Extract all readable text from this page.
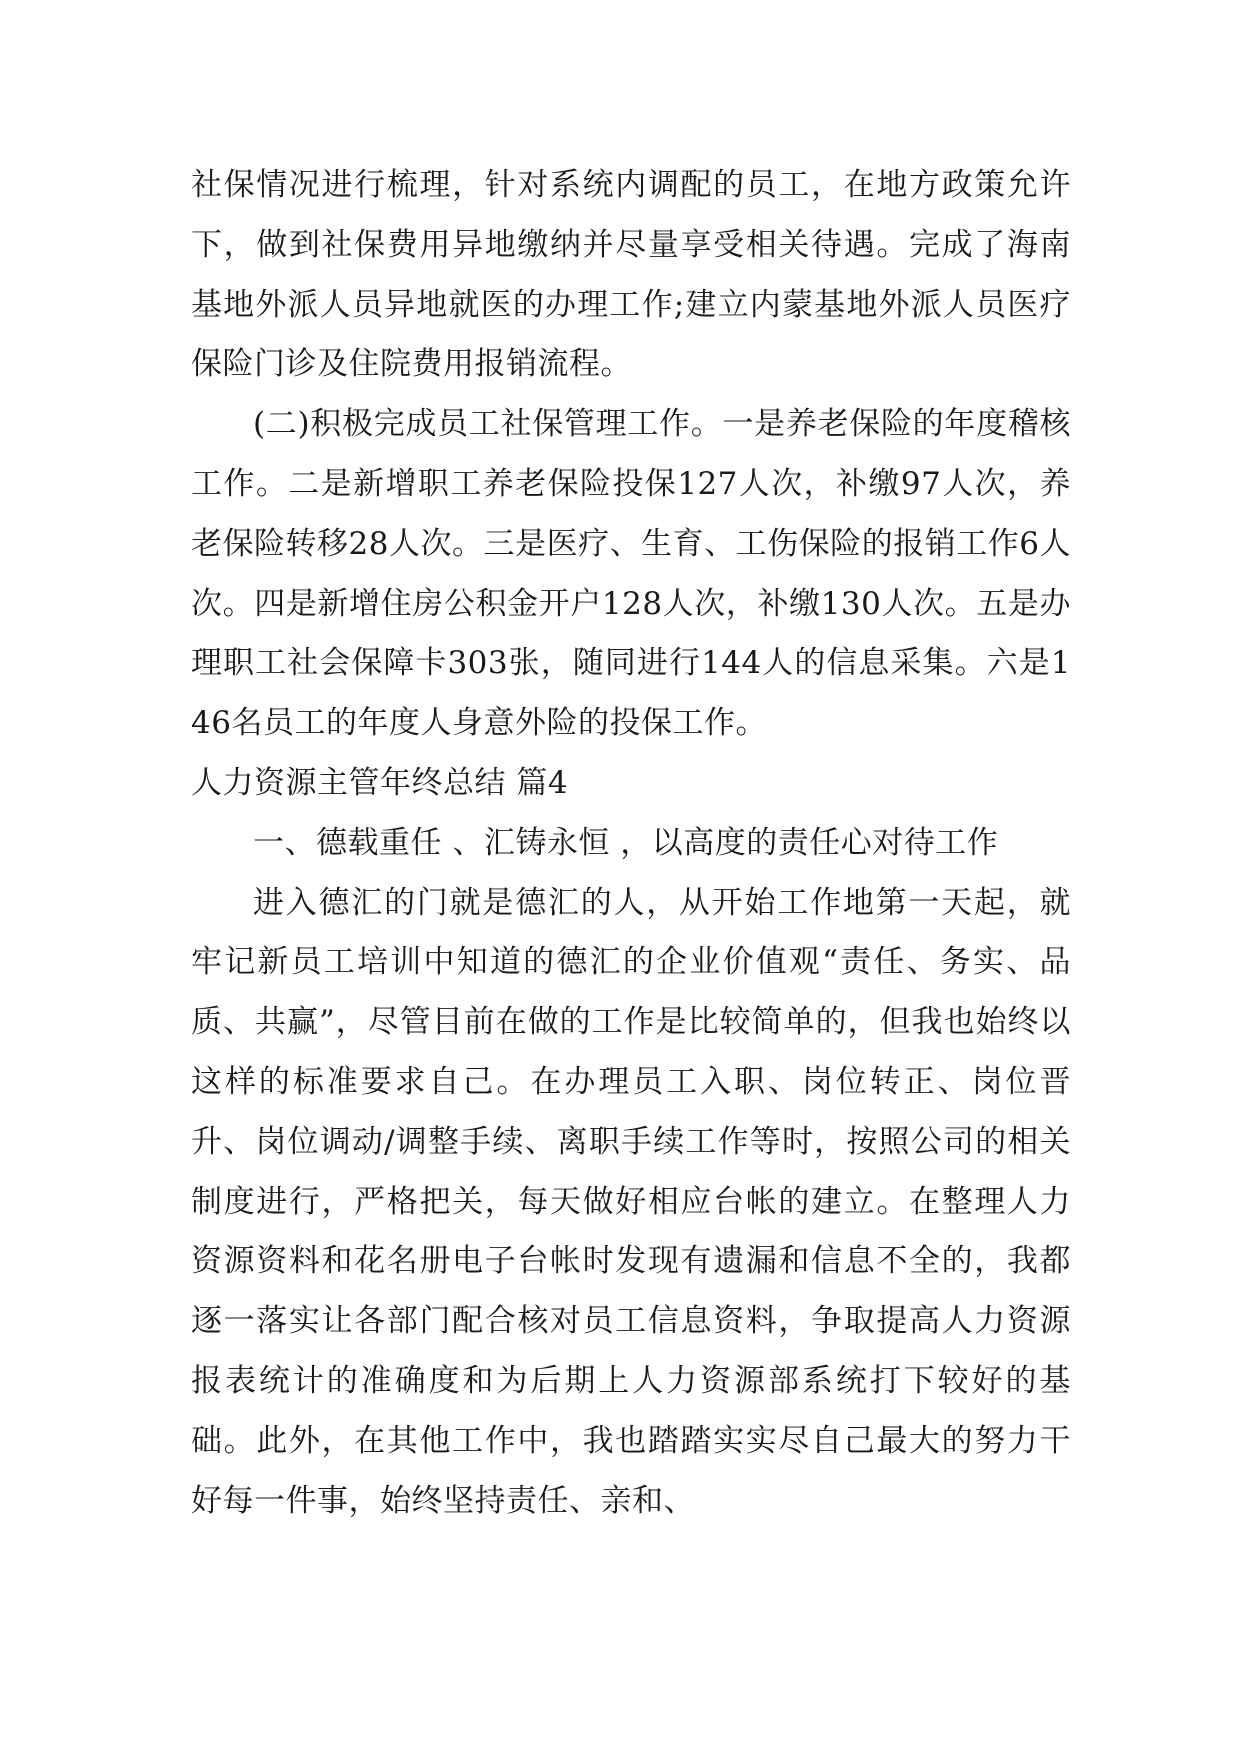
社保情况进行梳理，针对系统内调配的员工，在地方政策允许下，做到社保费用异地缴纳并尽量享受相关待遇。完成了海南基地外派人员异地就医的办理工作;建立内蒙基地外派人员医疗保险门诊及住院费用报销流程。

(二)积极完成员工社保管理工作。一是养老保险的年度稽核工作。二是新增职工养老保险投保127人次，补缴97人次，养老保险转移28人次。三是医疗、生育、工伤保险的报销工作6人次。四是新增住房公积金开户128人次，补缴130人次。五是办理职工社会保障卡303张，随同进行144人的信息采集。六是146名员工的年度人身意外险的投保工作。

人力资源主管年终总结 篇4

一、德载重任 、汇铸永恒 ，以高度的责任心对待工作

进入德汇的门就是德汇的人，从开始工作地第一天起，就牢记新员工培训中知道的德汇的企业价值观“责任、务实、品质、共赢”，尽管目前在做的工作是比较简单的，但我也始终以这样的标准要求自己。在办理员工入职、岗位转正、岗位晋升、岗位调动/调整手续、离职手续工作等时，按照公司的相关制度进行，严格把关，每天做好相应台帐的建立。在整理人力资源资料和花名册电子台帐时发现有遗漏和信息不全的，我都逐一落实让各部门配合核对员工信息资料，争取提高人力资源报表统计的准确度和为后期上人力资源部系统打下较好的基础。此外，在其他工作中，我也踏踏实实尽自己最大的努力干好每一件事，始终坚持责任、亲和、
